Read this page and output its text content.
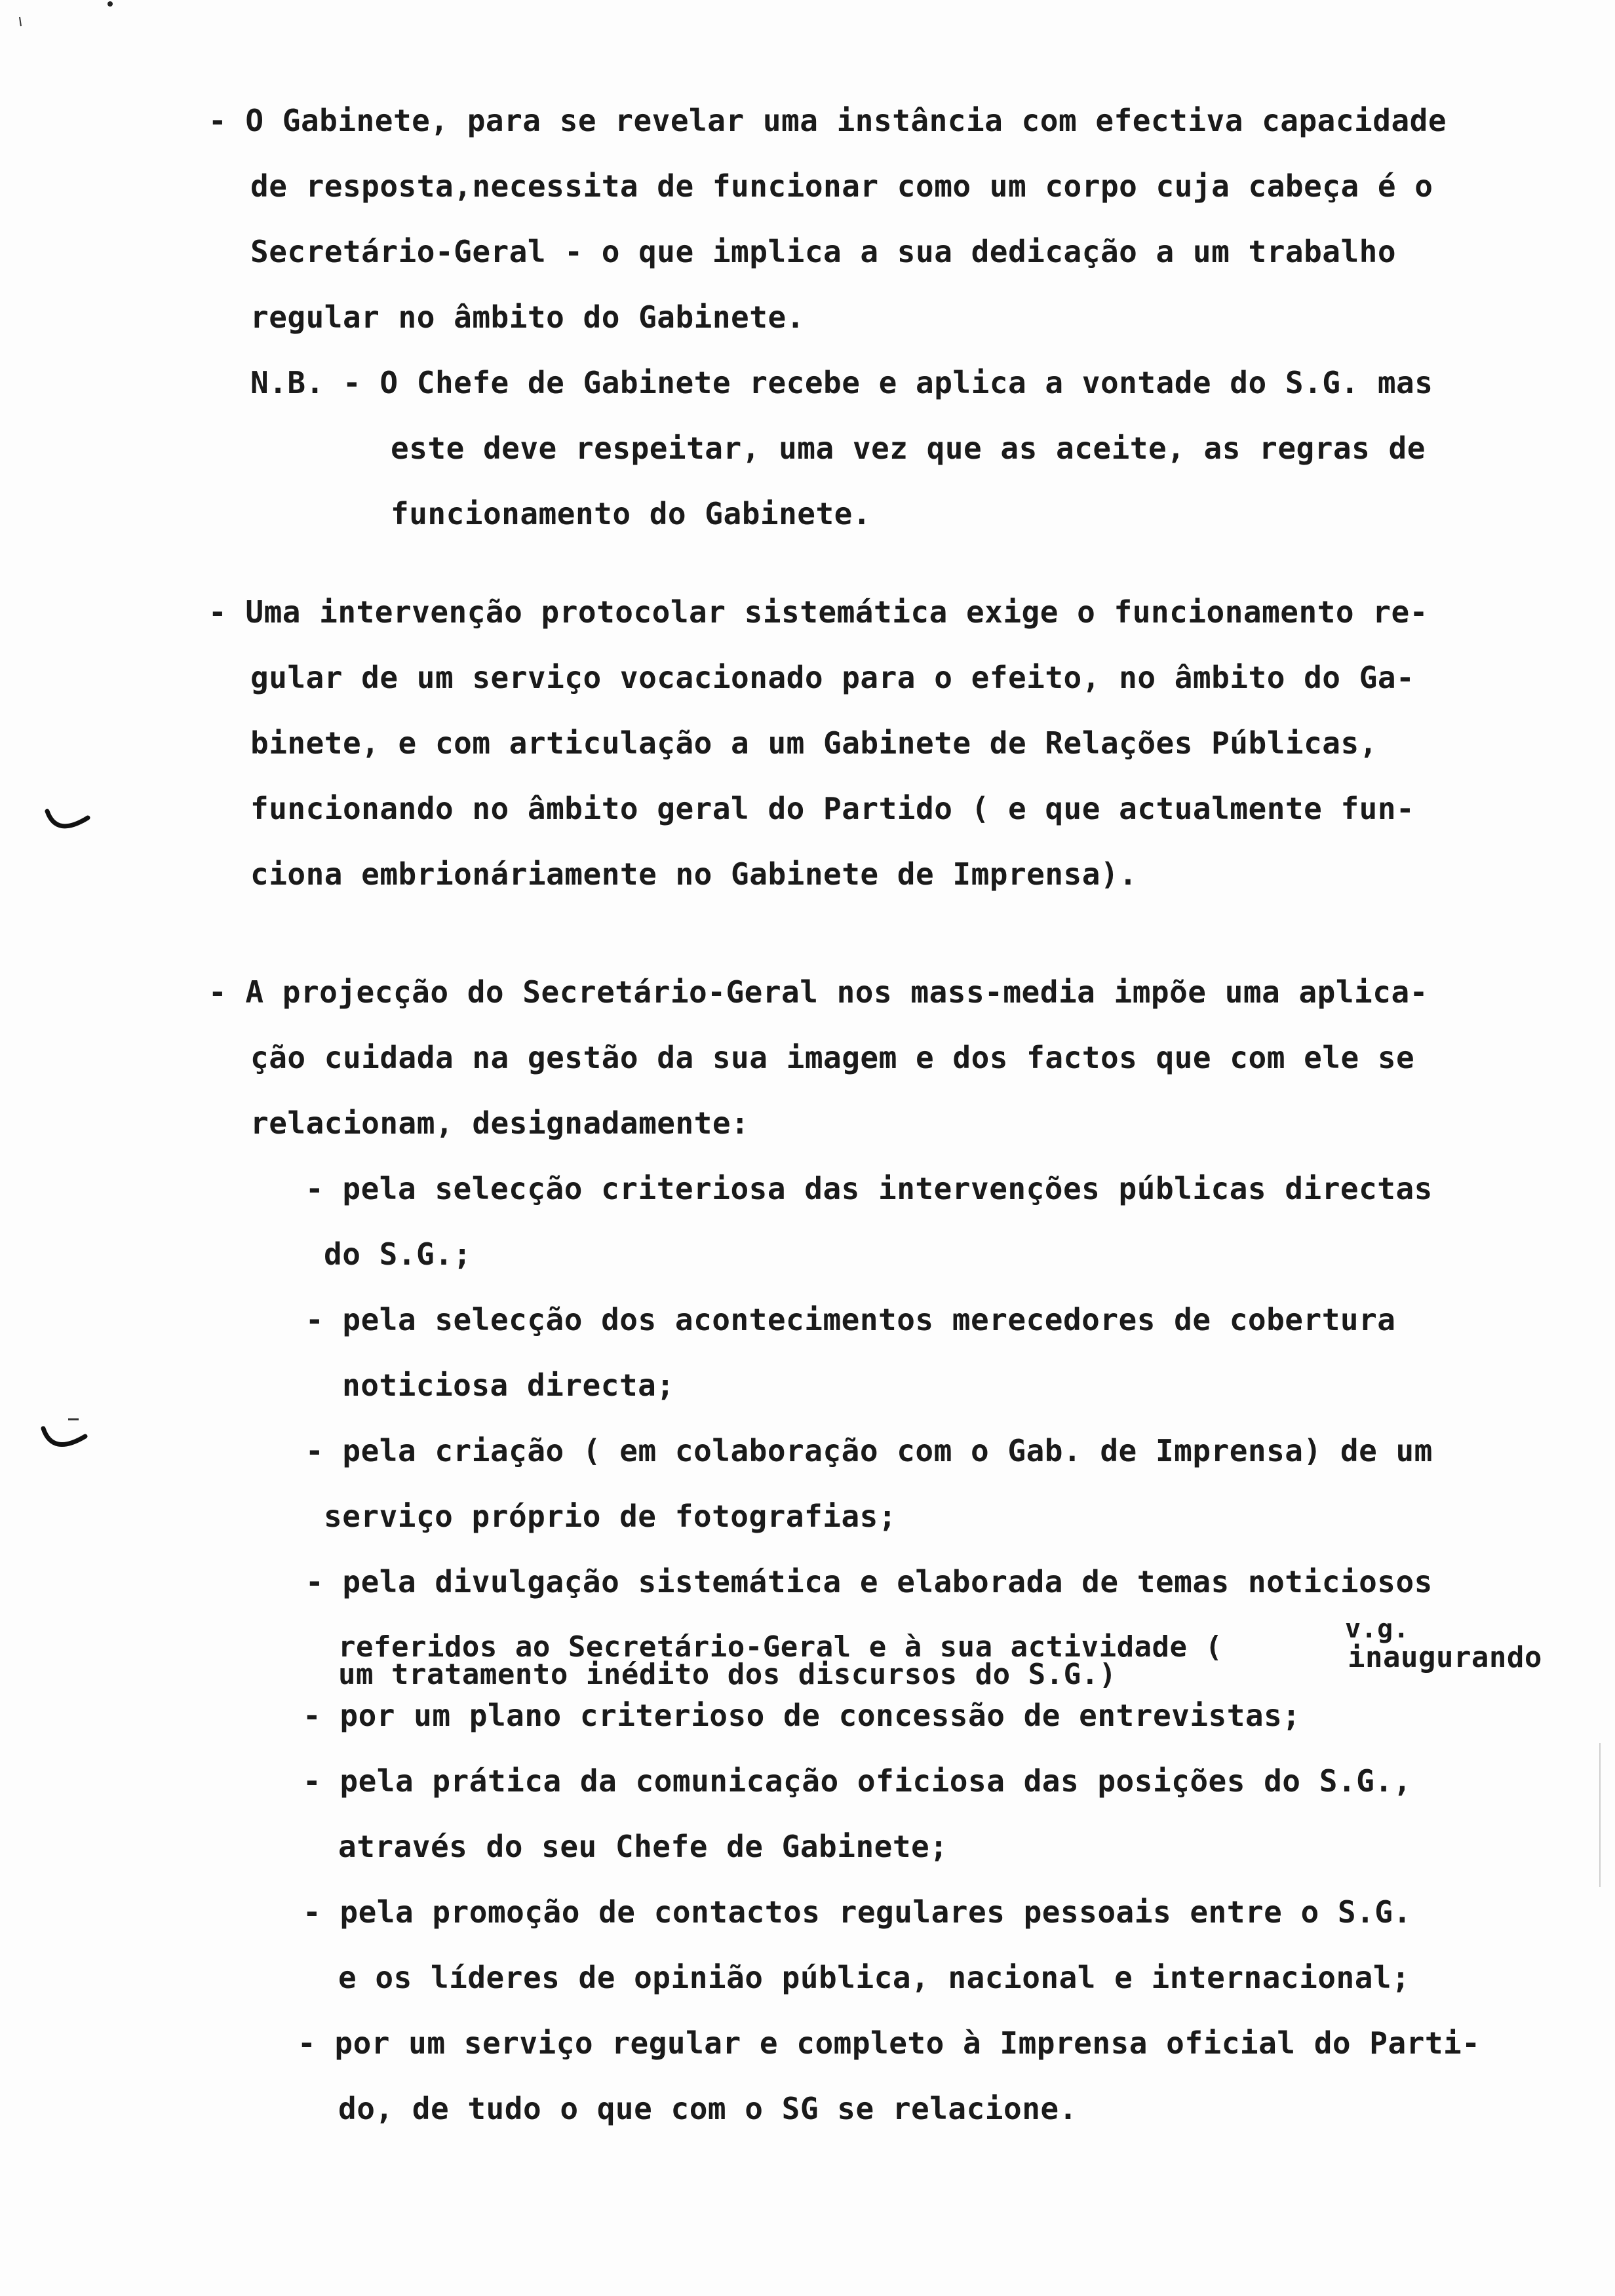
- O Gabinete, para se revelar uma instância com efectiva capacidade
de resposta,necessita de funcionar como um corpo cuja cabeça é o
Secretário-Geral - o que implica a sua dedicação a um trabalho
regular no âmbito do Gabinete.
N.B. - O Chefe de Gabinete recebe e aplica a vontade do S.G. mas
este deve respeitar, uma vez que as aceite, as regras de
funcionamento do Gabinete.
- Uma intervenção protocolar sistemática exige o funcionamento re-
gular de um serviço vocacionado para o efeito, no âmbito do Ga-
binete, e com articulação a um Gabinete de Relações Públicas,
funcionando no âmbito geral do Partido ( e que actualmente fun-
ciona embrionáriamente no Gabinete de Imprensa).
- A projecção do Secretário-Geral nos mass-media impõe uma aplica-
ção cuidada na gestão da sua imagem e dos factos que com ele se
relacionam, designadamente:
- pela selecção criteriosa das intervenções públicas directas
do S.G.;
- pela selecção dos acontecimentos merecedores de cobertura
noticiosa directa;
- pela criação ( em colaboração com o Gab. de Imprensa) de um
serviço próprio de fotografias;
- pela divulgação sistemática e elaborada de temas noticiosos
referidos ao Secretário-Geral e à sua actividade (
v.g.
inaugurando
um tratamento inédito dos discursos do S.G.)
- por um plano criterioso de concessão de entrevistas;
- pela prática da comunicação oficiosa das posições do S.G.,
através do seu Chefe de Gabinete;
- pela promoção de contactos regulares pessoais entre o S.G.
e os líderes de opinião pública, nacional e internacional;
- por um serviço regular e completo à Imprensa oficial do Parti-
do, de tudo o que com o SG se relacione.
